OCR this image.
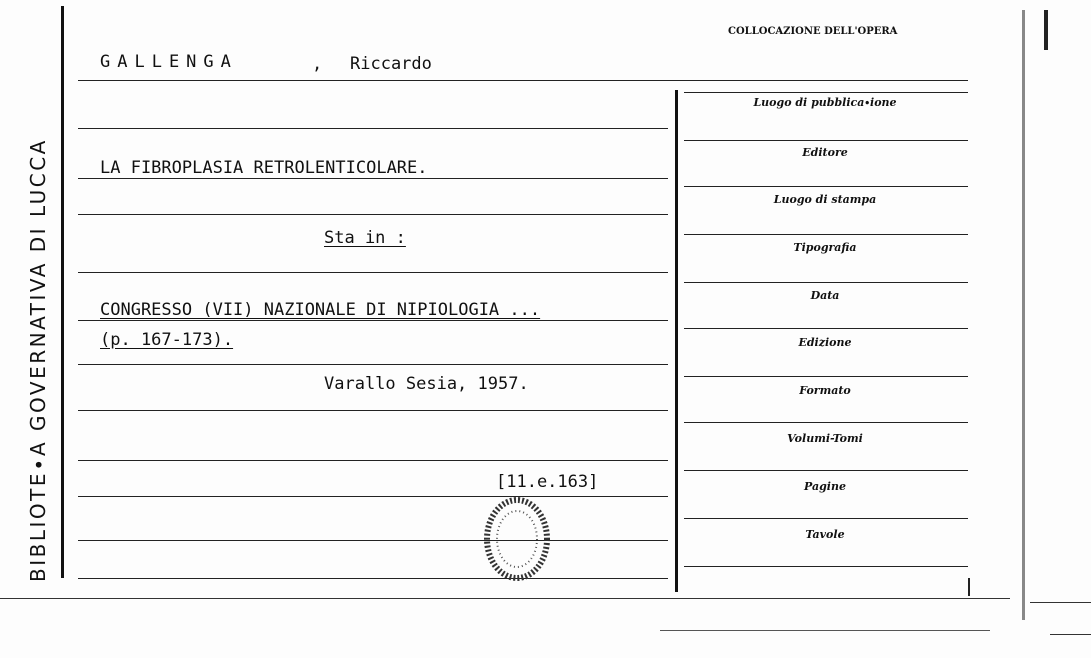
BIBLIOTE∙A GOVERNATIVA DI LUCCA
GALLENGA	, Riccardo
LA FIBROPLASIA RETROLENTICOLARE.
Sta in :
CONGRESSO (VII) NAZIONALE DI NIPIOLOGIA ...
(p. 167-173).
Varallo Sesia, 1957.
[11.e.163]
COLLOCAZIONE DELL'OPERA
Luogo di pubblica∙ione
Editore
Luogo di stampa
Tipografia
Data
Edizione
Formato
Volumi-Tomi
Pagine
Tavole
